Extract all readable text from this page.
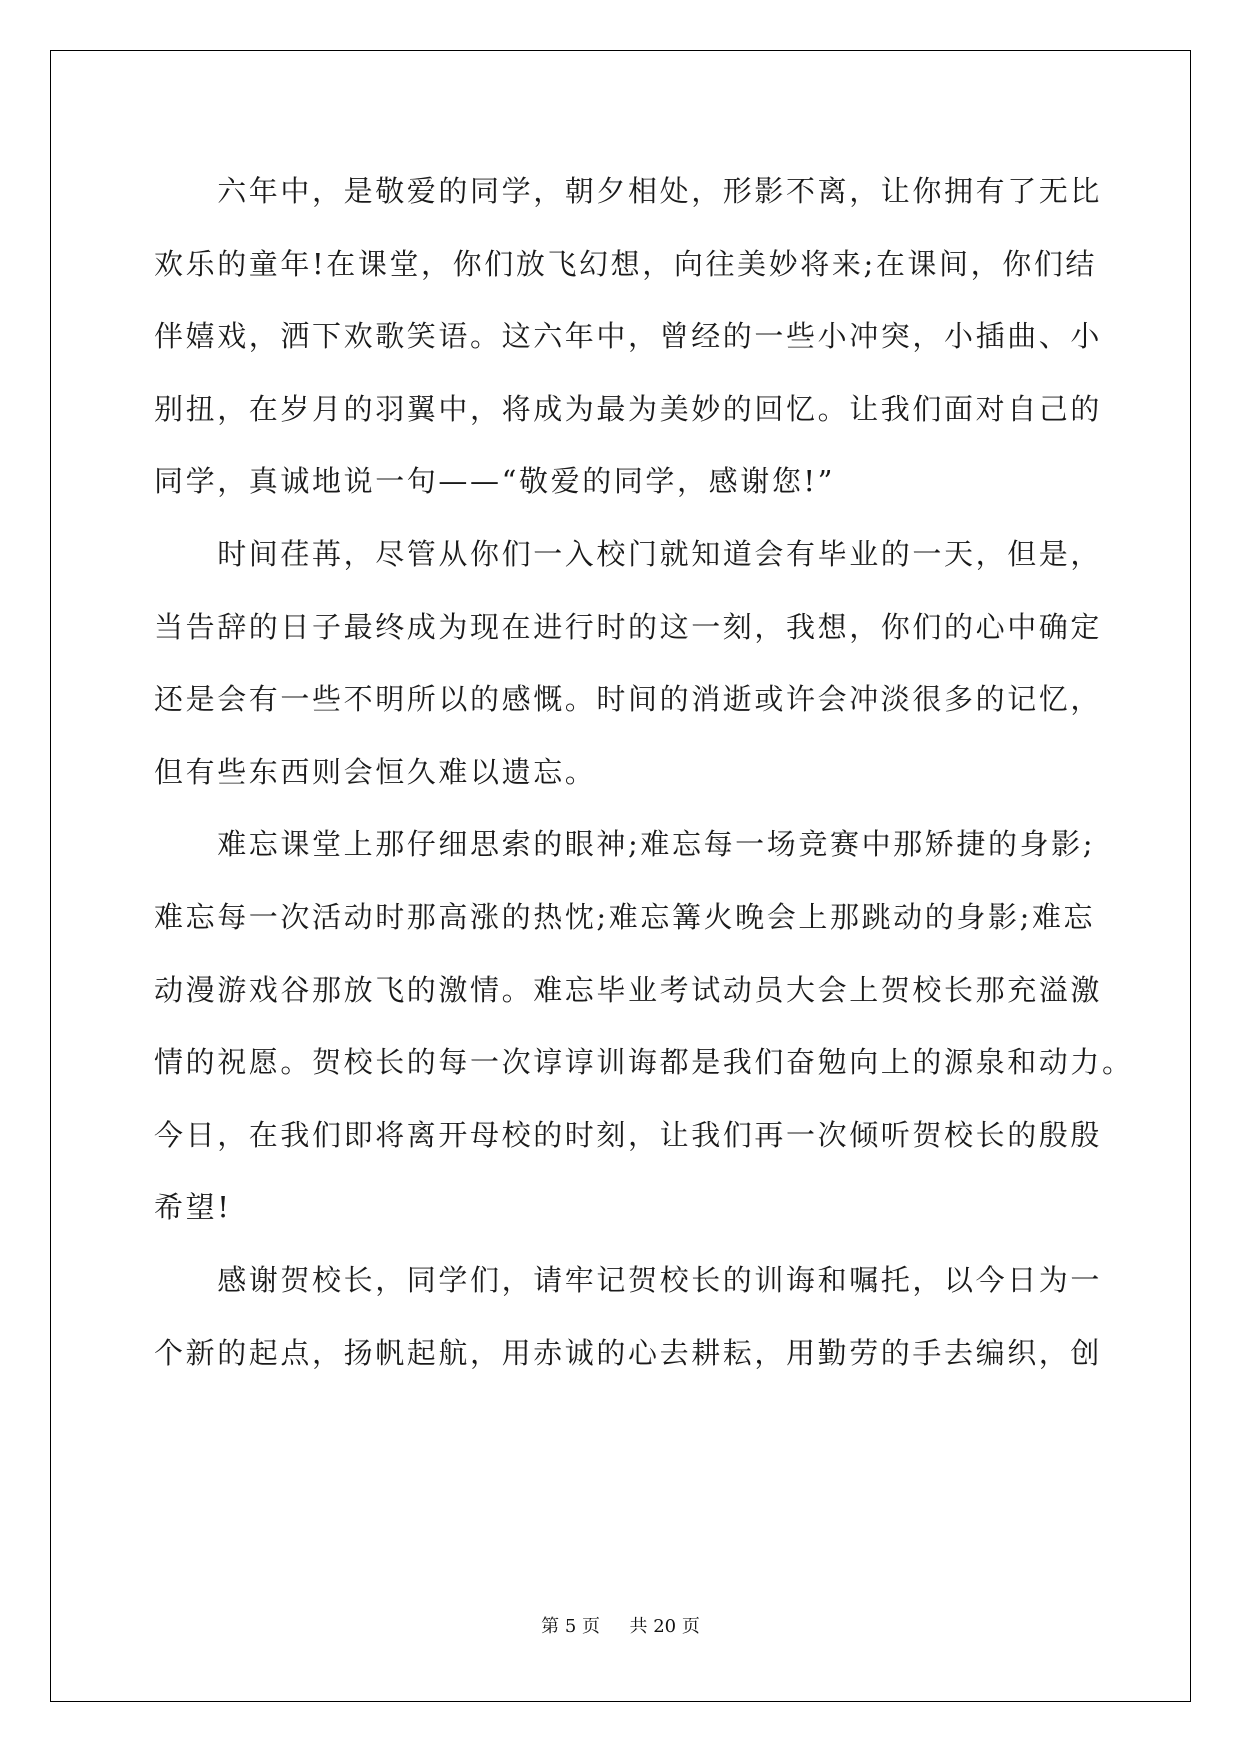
　　六年中，是敬爱的同学，朝夕相处，形影不离，让你拥有了无比
欢乐的童年!在课堂，你们放飞幻想，向往美妙将来;在课间，你们结
伴嬉戏，洒下欢歌笑语。这六年中，曾经的一些小冲突，小插曲、小
别扭，在岁月的羽翼中，将成为最为美妙的回忆。让我们面对自己的
同学，真诚地说一句——“敬爱的同学，感谢您!”
　　时间荏苒，尽管从你们一入校门就知道会有毕业的一天，但是，
当告辞的日子最终成为现在进行时的这一刻，我想，你们的心中确定
还是会有一些不明所以的感慨。时间的消逝或许会冲淡很多的记忆，
但有些东西则会恒久难以遗忘。
　　难忘课堂上那仔细思索的眼神;难忘每一场竞赛中那矫捷的身影;
难忘每一次活动时那高涨的热忱;难忘篝火晚会上那跳动的身影;难忘
动漫游戏谷那放飞的激情。难忘毕业考试动员大会上贺校长那充溢激
情的祝愿。贺校长的每一次谆谆训诲都是我们奋勉向上的源泉和动力。
今日，在我们即将离开母校的时刻，让我们再一次倾听贺校长的殷殷
希望!
　　感谢贺校长，同学们，请牢记贺校长的训诲和嘱托，以今日为一
个新的起点，扬帆起航，用赤诚的心去耕耘，用勤劳的手去编织，创
第 5 页 共 20 页
